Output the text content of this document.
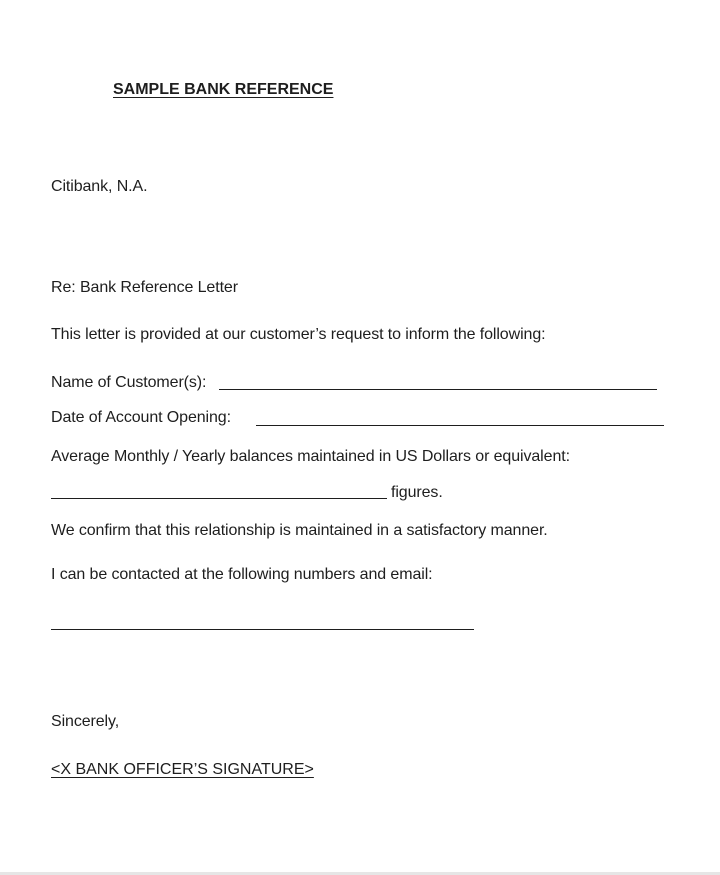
SAMPLE BANK REFERENCE
Citibank, N.A.
Re: Bank Reference Letter
This letter is provided at our customer’s request to inform the following:
Name of Customer(s):
Date of Account Opening:
Average Monthly / Yearly balances maintained in US Dollars or equivalent:
figures.
We confirm that this relationship is maintained in a satisfactory manner.
I can be contacted at the following numbers and email:
Sincerely,
<X BANK OFFICER’S SIGNATURE>
